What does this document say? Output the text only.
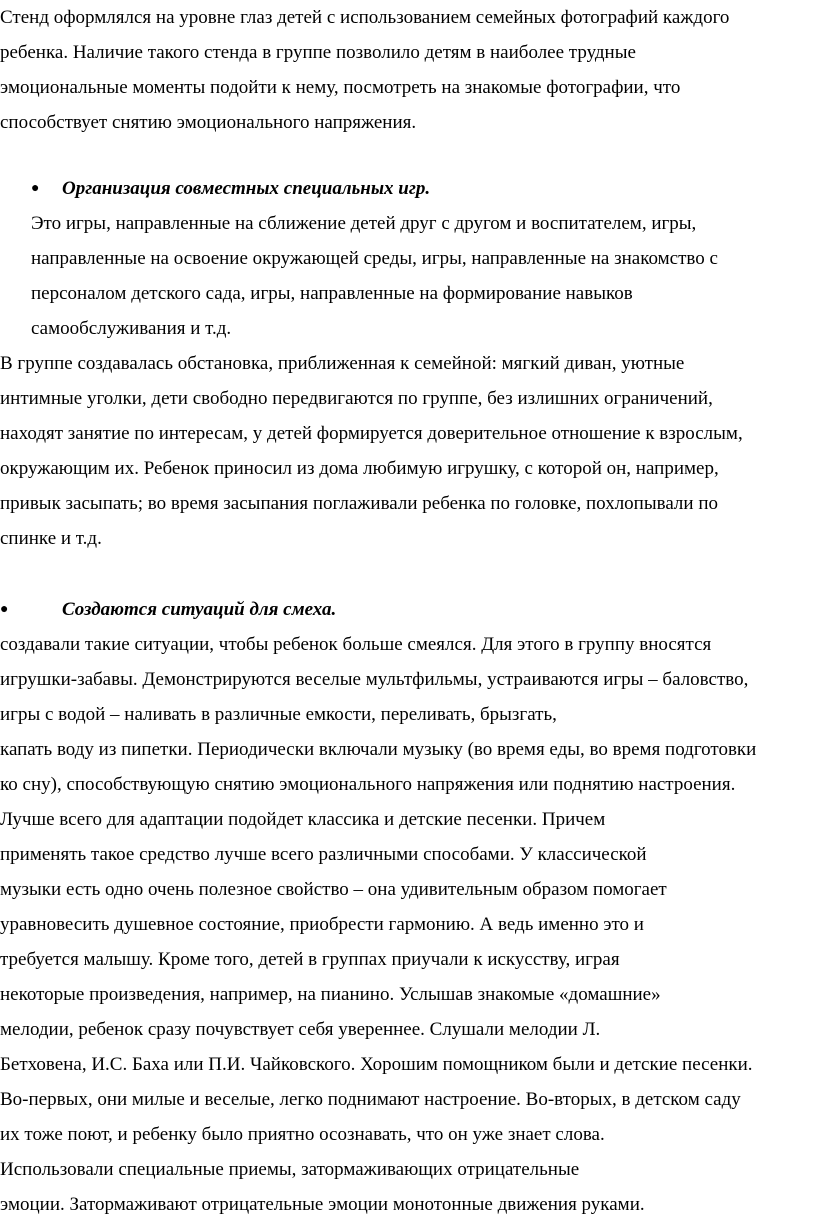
Стенд оформлялся на уровне глаз детей с использованием семейных фотографий каждого
ребенка. Наличие такого стенда в группе позволило детям в наиболее трудные
эмоциональные моменты подойти к нему, посмотреть на знакомые фотографии, что
способствует снятию эмоционального напряжения.
● Организация совместных специальных игр.
Это игры, направленные на сближение детей друг с другом и воспитателем, игры,
направленные на освоение окружающей среды, игры, направленные на знакомство с
персоналом детского сада, игры, направленные на формирование навыков
самообслуживания и т.д.
В группе создавалась обстановка, приближенная к семейной: мягкий диван, уютные
интимные уголки, дети свободно передвигаются по группе, без излишних ограничений,
находят занятие по интересам, у детей формируется доверительное отношение к взрослым,
окружающим их. Ребенок приносил из дома любимую игрушку, с которой он, например,
привык засыпать; во время засыпания поглаживали ребенка по головке, похлопывали по
спинке и т.д.
●	Создаются ситуаций для смеха.
создавали такие ситуации, чтобы ребенок больше смеялся. Для этого в группу вносятся
игрушки-забавы. Демонстрируются веселые мультфильмы, устраиваются игры – баловство,
игры с водой – наливать в различные емкости, переливать, брызгать,
капать воду из пипетки. Периодически включали музыку (во время еды, во время подготовки
ко сну), способствующую снятию эмоционального напряжения или поднятию настроения.
Лучше всего для адаптации подойдет классика и детские песенки. Причем
применять такое средство лучше всего различными способами. У классической
музыки есть одно очень полезное свойство – она удивительным образом помогает
уравновесить душевное состояние, приобрести гармонию. А ведь именно это и
требуется малышу. Кроме того, детей в группах приучали к искусству, играя
некоторые произведения, например, на пианино. Услышав знакомые «домашние»
мелодии, ребенок сразу почувствует себя увереннее. Слушали мелодии Л.
Бетховена, И.С. Баха или П.И. Чайковского. Хорошим помощником были и детские песенки.
Во-первых, они милые и веселые, легко поднимают настроение. Во-вторых, в детском саду
их тоже поют, и ребенку было приятно осознавать, что он уже знает слова.
Использовали специальные приемы, затормаживающих отрицательные
эмоции. Затормаживают отрицательные эмоции монотонные движения руками.
